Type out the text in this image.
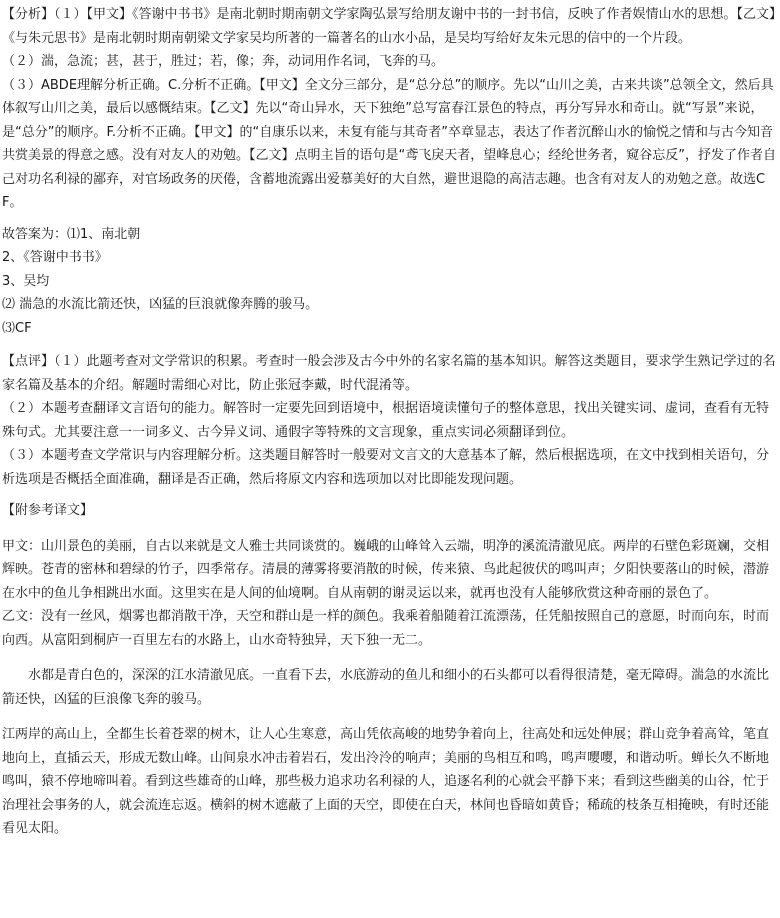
【分析】（１）【甲文】《答谢中书书》是南北朝时期南朝文学家陶弘景写给朋友谢中书的一封书信，反映了作者娱情山水的思想。【乙文】《与朱元思书》是南北朝时期南朝梁文学家吴均所著的一篇著名的山水小品，是吴均写给好友朱元思的信中的一个片段。

（２）湍，急流；甚，甚于，胜过；若，像；奔，动词用作名词，飞奔的马。

（３）ABDE理解分析正确。C.分析不正确。【甲文】全文分三部分，是“总分总”的顺序。先以“山川之美，古来共谈”总领全文，然后具体叙写山川之美，最后以感慨结束。【乙文】先以“奇山异水，天下独绝”总写富春江景色的特点，再分写异水和奇山。就“写景”来说，是“总分”的顺序。F.分析不正确。【甲文】的“自康乐以来，未复有能与其奇者”卒章显志，表达了作者沉醉山水的愉悦之情和与古今知音共赏美景的得意之感。没有对友人的劝勉。【乙文】点明主旨的语句是“鸢飞戾天者，望峰息心；经纶世务者，窥谷忘反”，抒发了作者自己对功名利禄的鄙弃，对官场政务的厌倦，含蓄地流露出爱慕美好的大自然，避世退隐的高洁志趣。也含有对友人的劝勉之意。故选CF。

故答案为：⑴1、南北朝

2、《答谢中书书》

3、吴均

⑵ 湍急的水流比箭还快，凶猛的巨浪就像奔腾的骏马。

⑶CF

【点评】（１）此题考查对文学常识的积累。考查时一般会涉及古今中外的名家名篇的基本知识。解答这类题目，要求学生熟记学过的名家名篇及基本的介绍。解题时需细心对比，防止张冠李戴，时代混淆等。

（２）本题考查翻译文言语句的能力。解答时一定要先回到语境中，根据语境读懂句子的整体意思，找出关键实词、虚词，查看有无特殊句式。尤其要注意一一词多义、古今异义词、通假字等特殊的文言现象，重点实词必须翻译到位。

（３）本题考查文学常识与内容理解分析。这类题目解答时一般要对文言文的大意基本了解，然后根据选项，在文中找到相关语句，分析选项是否概括全面准确，翻译是否正确，然后将原文内容和选项加以对比即能发现问题。

【附参考译文】

甲文：山川景色的美丽，自古以来就是文人雅士共同谈赏的。巍峨的山峰耸入云端，明净的溪流清澈见底。两岸的石壁色彩斑斓，交相辉映。苍青的密林和碧绿的竹子，四季常存。清晨的薄雾将要消散的时候，传来猿、鸟此起彼伏的鸣叫声；夕阳快要落山的时候，潜游在水中的鱼儿争相跳出水面。这里实在是人间的仙境啊。自从南朝的谢灵运以来，就再也没有人能够欣赏这种奇丽的景色了。

乙文：没有一丝风，烟雾也都消散干净，天空和群山是一样的颜色。我乘着船随着江流漂荡，任凭船按照自己的意愿，时而向东，时而向西。从富阳到桐庐一百里左右的水路上，山水奇特独异，天下独一无二。

水都是青白色的，深深的江水清澈见底。一直看下去，水底游动的鱼儿和细小的石头都可以看得很清楚，毫无障碍。湍急的水流比箭还快，凶猛的巨浪像飞奔的骏马。

江两岸的高山上，全都生长着苍翠的树木，让人心生寒意，高山凭依高峻的地势争着向上，往高处和远处伸展；群山竞争着高耸，笔直地向上，直插云天，形成无数山峰。山间泉水冲击着岩石，发出泠泠的响声；美丽的鸟相互和鸣，鸣声嘤嘤，和谐动听。蝉长久不断地鸣叫，猿不停地啼叫着。看到这些雄奇的山峰，那些极力追求功名利禄的人，追逐名利的心就会平静下来；看到这些幽美的山谷，忙于治理社会事务的人，就会流连忘返。横斜的树木遮蔽了上面的天空，即使在白天，林间也昏暗如黄昏；稀疏的枝条互相掩映，有时还能看见太阳。
